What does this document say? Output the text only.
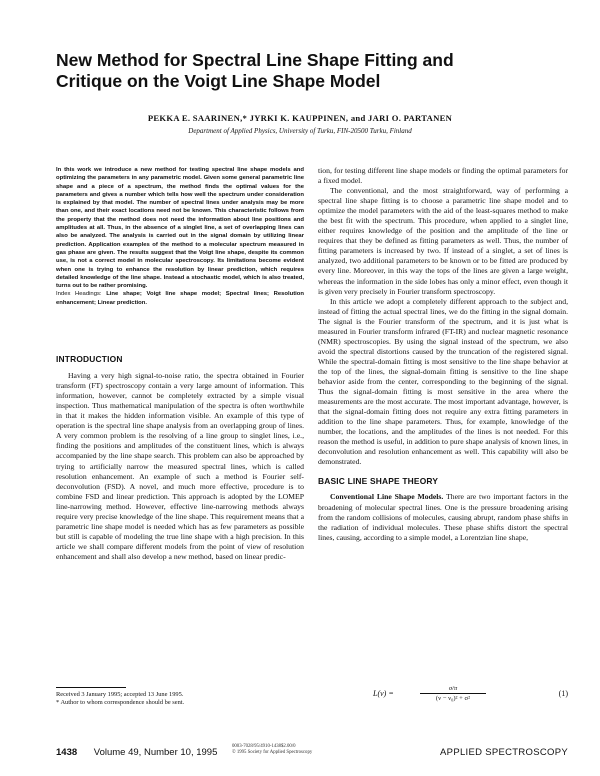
New Method for Spectral Line Shape Fitting and
Critique on the Voigt Line Shape Model
PEKKA E. SAARINEN,* JYRKI K. KAUPPINEN, and JARI O. PARTANEN
Department of Applied Physics, University of Turku, FIN-20500 Turku, Finland

In this work we introduce a new method for testing spectral line shape models and optimizing the parameters in any parametric model. Given some general parametric line shape and a piece of a spectrum, the method finds the optimal values for the parameters and gives a number which tells how well the spectrum under consideration is explained by that model. The number of spectral lines under analysis may be more than one, and their exact locations need not be known. This characteristic follows from the property that the method does not need the information about line positions and amplitudes at all. Thus, in the absence of a singlet line, a set of overlapping lines can also be analyzed. The analysis is carried out in the signal domain by utilizing linear prediction. Application examples of the method to a molecular spectrum measured in gas phase are given. The results suggest that the Voigt line shape, despite its common use, is not a correct model in molecular spectroscopy. Its limitations become evident when one is trying to enhance the resolution by linear prediction, which requires detailed knowledge of the line shape. Instead a stochastic model, which is also treated, turns out to be rather promising.

Index Headings: Line shape; Voigt line shape model; Spectral lines; Resolution enhancement; Linear prediction.

INTRODUCTION

Having a very high signal-to-noise ratio, the spectra obtained in Fourier transform (FT) spectroscopy contain a very large amount of information. This information, however, cannot be completely extracted by a simple visual inspection. Thus mathematical manipulation of the spectra is often worthwhile in that it makes the hidden information visible. An example of this type of operation is the spectral line shape analysis from an overlapping group of lines. A very common problem is the resolving of a line group to singlet lines, i.e., finding the positions and amplitudes of the constituent lines, which is always accompanied by the line shape search. This problem can also be approached by trying to artificially narrow the measured spectral lines, which is called resolution enhancement. An example of such a method is Fourier self-deconvolution (FSD). A novel, and much more effective, procedure is to combine FSD and linear prediction. This approach is adopted by the LOMEP line-narrowing method. However, effective line-narrowing methods always require very precise knowledge of the line shape. This requirement means that a parametric line shape model is needed which has as few parameters as possible but still is capable of modeling the true line shape with a high precision. In this article we shall compare different models from the point of view of resolution enhancement and shall also develop a new method, based on linear predic-

Received 3 January 1995; accepted 13 June 1995.
* Author to whom correspondence should be sent.

tion, for testing different line shape models or finding the optimal parameters for a fixed model.

The conventional, and the most straightforward, way of performing a spectral line shape fitting is to choose a parametric line shape model and to optimize the model parameters with the aid of the least-squares method to make the best fit with the spectrum. This procedure, when applied to a singlet line, either requires knowledge of the position and the amplitude of the line or requires that they be defined as fitting parameters as well. Thus, the number of fitting parameters is increased by two. If instead of a singlet, a set of lines is analyzed, two additional parameters to be known or to be fitted are produced by every line. Moreover, in this way the tops of the lines are given a large weight, whereas the information in the side lobes has only a minor effect, even though it is given very precisely in Fourier transform spectroscopy.

In this article we adopt a completely different approach to the subject and, instead of fitting the actual spectral lines, we do the fitting in the signal domain. The signal is the Fourier transform of the spectrum, and it is just what is measured in Fourier transform infrared (FT-IR) and nuclear magnetic resonance (NMR) spectroscopies. By using the signal instead of the spectrum, we also avoid the spectral distortions caused by the truncation of the registered signal. While the spectral-domain fitting is most sensitive to the line shape behavior at the top of the lines, the signal-domain fitting is sensitive to the line shape behavior aside from the center, corresponding to the beginning of the signal. Thus the signal-domain fitting is most sensitive in the area where the measurements are the most accurate. The most important advantage, however, is that the signal-domain fitting does not require any extra fitting parameters in addition to the line shape parameters. Thus, for example, knowledge of the number, the locations, and the amplitudes of the lines is not needed. For this reason the method is useful, in addition to pure shape analysis of known lines, in deconvolution and resolution enhancement as well. This capability will also be demonstrated.

BASIC LINE SHAPE THEORY

Conventional Line Shape Models. There are two important factors in the broadening of molecular spectral lines. One is the pressure broadening arising from the random collisions of molecules, causing abrupt, random phase shifts in the radiation of individual molecules. These phase shifts distort the spectral lines, causing, according to a simple model, a Lorentzian line shape,

L(ν) =	$\frac{\sigma/\pi}{\text{(ν − ν₀)² + σ²}}$	(1)
1438 Volume 49, Number 10, 1995
0003-7028/95/4910-1438$2.00/0
© 1995 Society for Applied Spectroscopy	APPLIED SPECTROSCOPY
